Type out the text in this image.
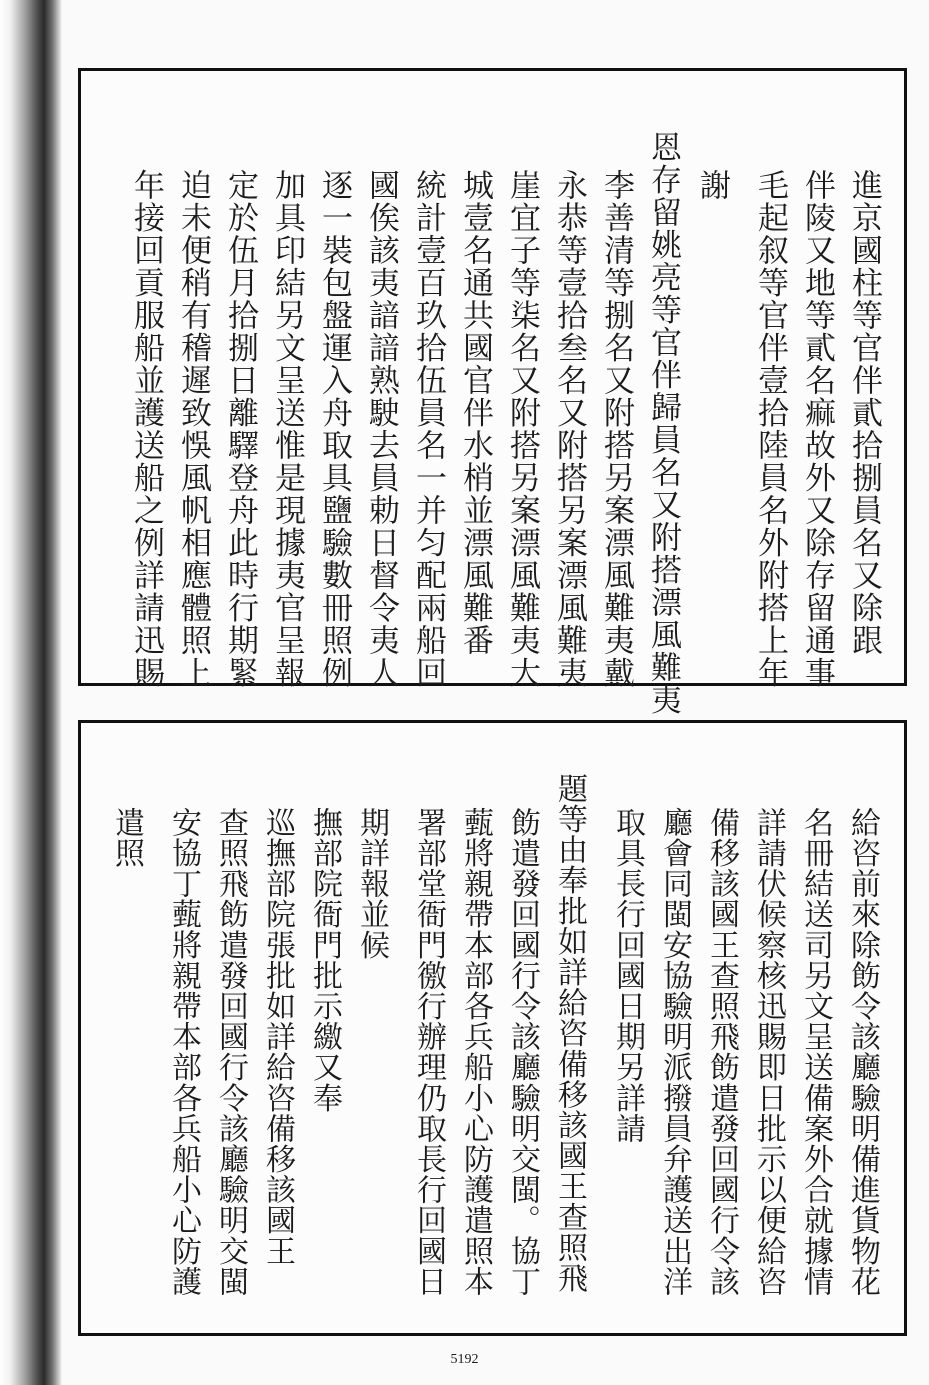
進京國柱等官伴貳拾捌員名又除跟
伴陵又地等貳名痲故外又除存留通事
毛起叙等官伴壹拾陸員名外附搭上年
謝
恩存留姚亮等官伴歸員名又附搭漂風難夷
李善清等捌名又附搭另案漂風難夷戴
永恭等壹拾叁名又附搭另案漂風難夷
崖宜子等柒名又附搭另案漂風難夷大
城壹名通共國官伴水梢並漂風難番
統計壹百玖拾伍員名一并匀配兩船回
國俟該夷諳諳熟駛去員勅日督令夷人
逐一裝包盤運入舟取具鹽驗數冊照例
加具印結另文呈送惟是現據夷官呈報
定於伍月拾捌日離驛登舟此時行期緊
迫未便稍有稽遲致悞風帆相應體照上
年接回貢服船並護送船之例詳請迅賜
給咨前來除飭令該廳驗明備進貨物花
名冊結送司另文呈送備案外合就據情
詳請伏候察核迅賜即日批示以便給咨
備移該國王查照飛飭遣發回國行令該
廳會同閩安協驗明派撥員弁護送出洋
取具長行回國日期另詳請
題等由奉批如詳給咨備移該國王查照飛
飭遣發回國行令該廳驗明交閩。協丁
薽將親帶本部各兵船小心防護遣照本
署部堂衙門徼行辦理仍取長行回國日
期詳報並候
撫部院衙門批示繳又奉
巡撫部院張批如詳給咨備移該國王
查照飛飭遣發回國行令該廳驗明交閩
安協丁薽將親帶本部各兵船小心防護
遣照
5192
